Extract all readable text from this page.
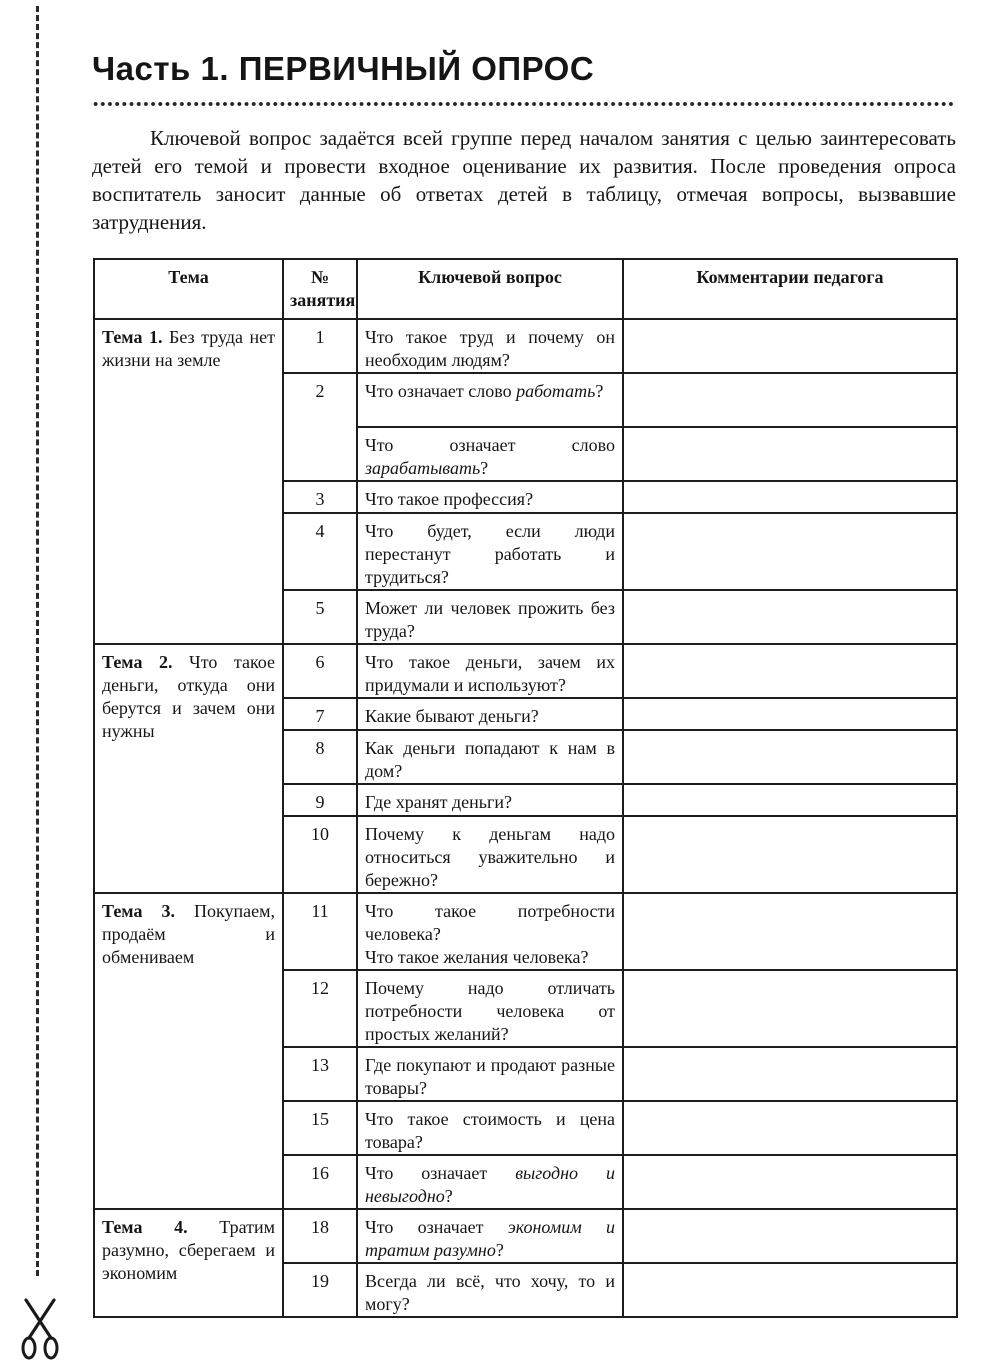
Часть 1. ПЕРВИЧНЫЙ ОПРОС

Ключевой вопрос задаётся всей группе перед началом занятия с целью заинтересовать детей его темой и провести входное оценивание их развития. После проведения опроса воспитатель заносит данные об ответах детей в таблицу, отмечая вопросы, вызвавшие затруднения.

Тема	№ занятия	Ключевой вопрос	Комментарии педагога
Тема 1. Без труда нет жизни на земле	1	Что такое труд и почему он необходим людям?	
	2	Что означает слово работать?	
		Что означает слово зарабатывать?	
	3	Что такое профессия?	
	4	Что будет, если люди перестанут работать и трудиться?	
	5	Может ли человек прожить без труда?	
Тема 2. Что такое деньги, откуда они берутся и зачем они нужны	6	Что такое деньги, зачем их придумали и используют?	
	7	Какие бывают деньги?	
	8	Как деньги попадают к нам в дом?	
	9	Где хранят деньги?	
	10	Почему к деньгам надо относиться уважительно и бережно?	
Тема 3. Покупаем, продаём и обмениваем	11	Что такое потребности человека?
Что такое желания человека?	

	12	Почему надо отличать потребности человека от простых желаний?	
	13	Где покупают и продают разные товары?	
	15	Что такое стоимость и цена товара?	
	16	Что означает выгодно и невыгодно?	
Тема 4. Тратим разумно, сберегаем и экономим	18	Что означает экономим и тратим разумно?	
	19	Всегда ли всё, что хочу, то и могу?	
